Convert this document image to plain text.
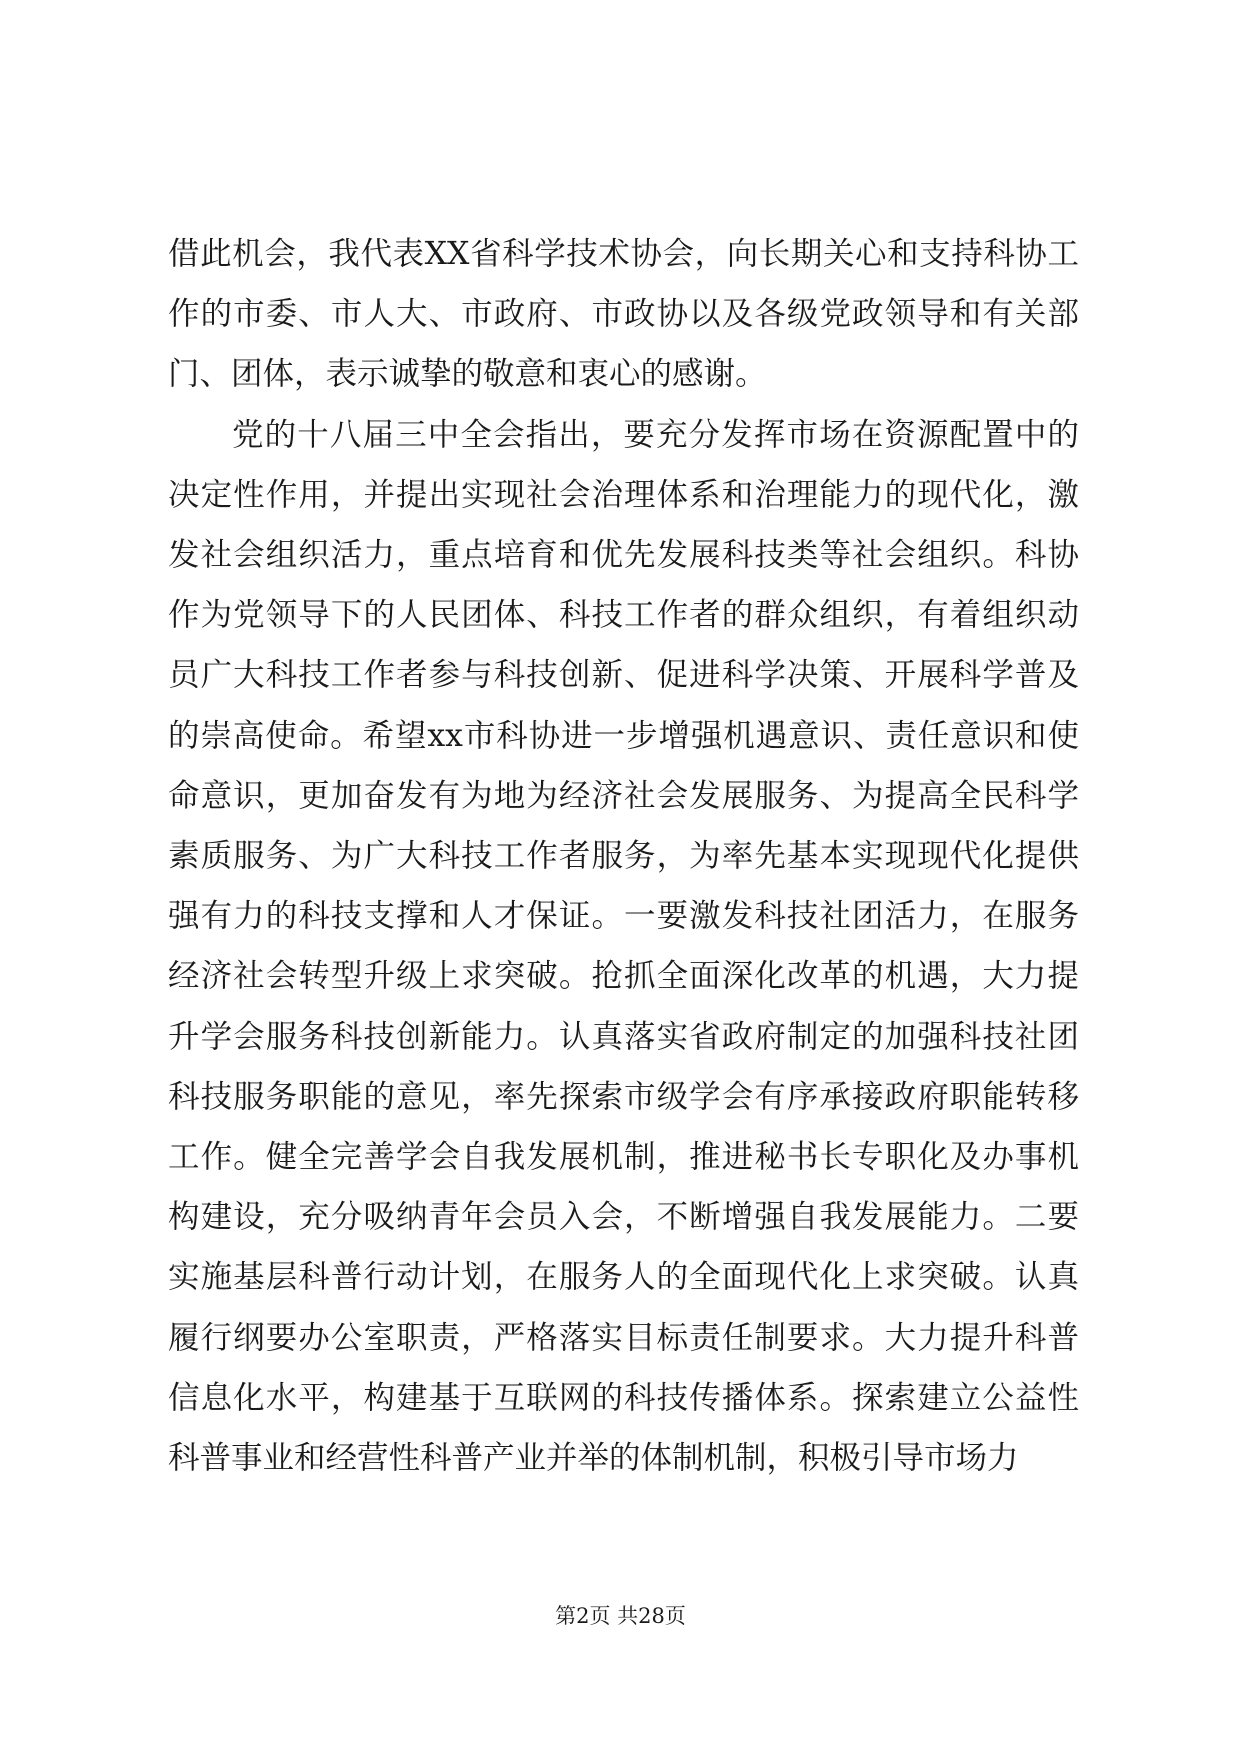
借此机会，我代表XX省科学技术协会，向长期关心和支持科协工作的市委、市人大、市政府、市政协以及各级党政领导和有关部门、团体，表示诚挚的敬意和衷心的感谢。

党的十八届三中全会指出，要充分发挥市场在资源配置中的决定性作用，并提出实现社会治理体系和治理能力的现代化，激发社会组织活力，重点培育和优先发展科技类等社会组织。科协作为党领导下的人民团体、科技工作者的群众组织，有着组织动员广大科技工作者参与科技创新、促进科学决策、开展科学普及的崇高使命。希望xx市科协进一步增强机遇意识、责任意识和使命意识，更加奋发有为地为经济社会发展服务、为提高全民科学素质服务、为广大科技工作者服务，为率先基本实现现代化提供强有力的科技支撑和人才保证。一要激发科技社团活力，在服务经济社会转型升级上求突破。抢抓全面深化改革的机遇，大力提升学会服务科技创新能力。认真落实省政府制定的加强科技社团科技服务职能的意见，率先探索市级学会有序承接政府职能转移工作。健全完善学会自我发展机制，推进秘书长专职化及办事机构建设，充分吸纳青年会员入会，不断增强自我发展能力。二要实施基层科普行动计划，在服务人的全面现代化上求突破。认真履行纲要办公室职责，严格落实目标责任制要求。大力提升科普信息化水平，构建基于互联网的科技传播体系。探索建立公益性科普事业和经营性科普产业并举的体制机制，积极引导市场力

第2页 共28页
